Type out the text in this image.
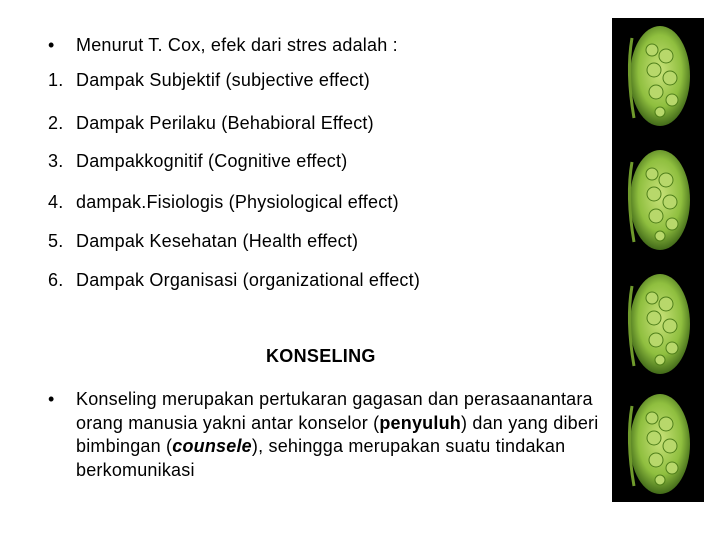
• Menurut T. Cox, efek dari stres adalah :
1. Dampak Subjektif (subjective effect)
2. Dampak Perilaku (Behabioral Effect)
3. Dampakkognitif (Cognitive effect)
4. dampak.Fisiologis (Physiological effect)
5. Dampak Kesehatan (Health effect)
6. Dampak Organisasi (organizational effect)
KONSELING
• Konseling merupakan pertukaran gagasan dan perasaanantara orang manusia yakni antar konselor (penyuluh) dan yang diberi bimbingan (counsele), sehingga merupakan suatu tindakan berkomunikasi
